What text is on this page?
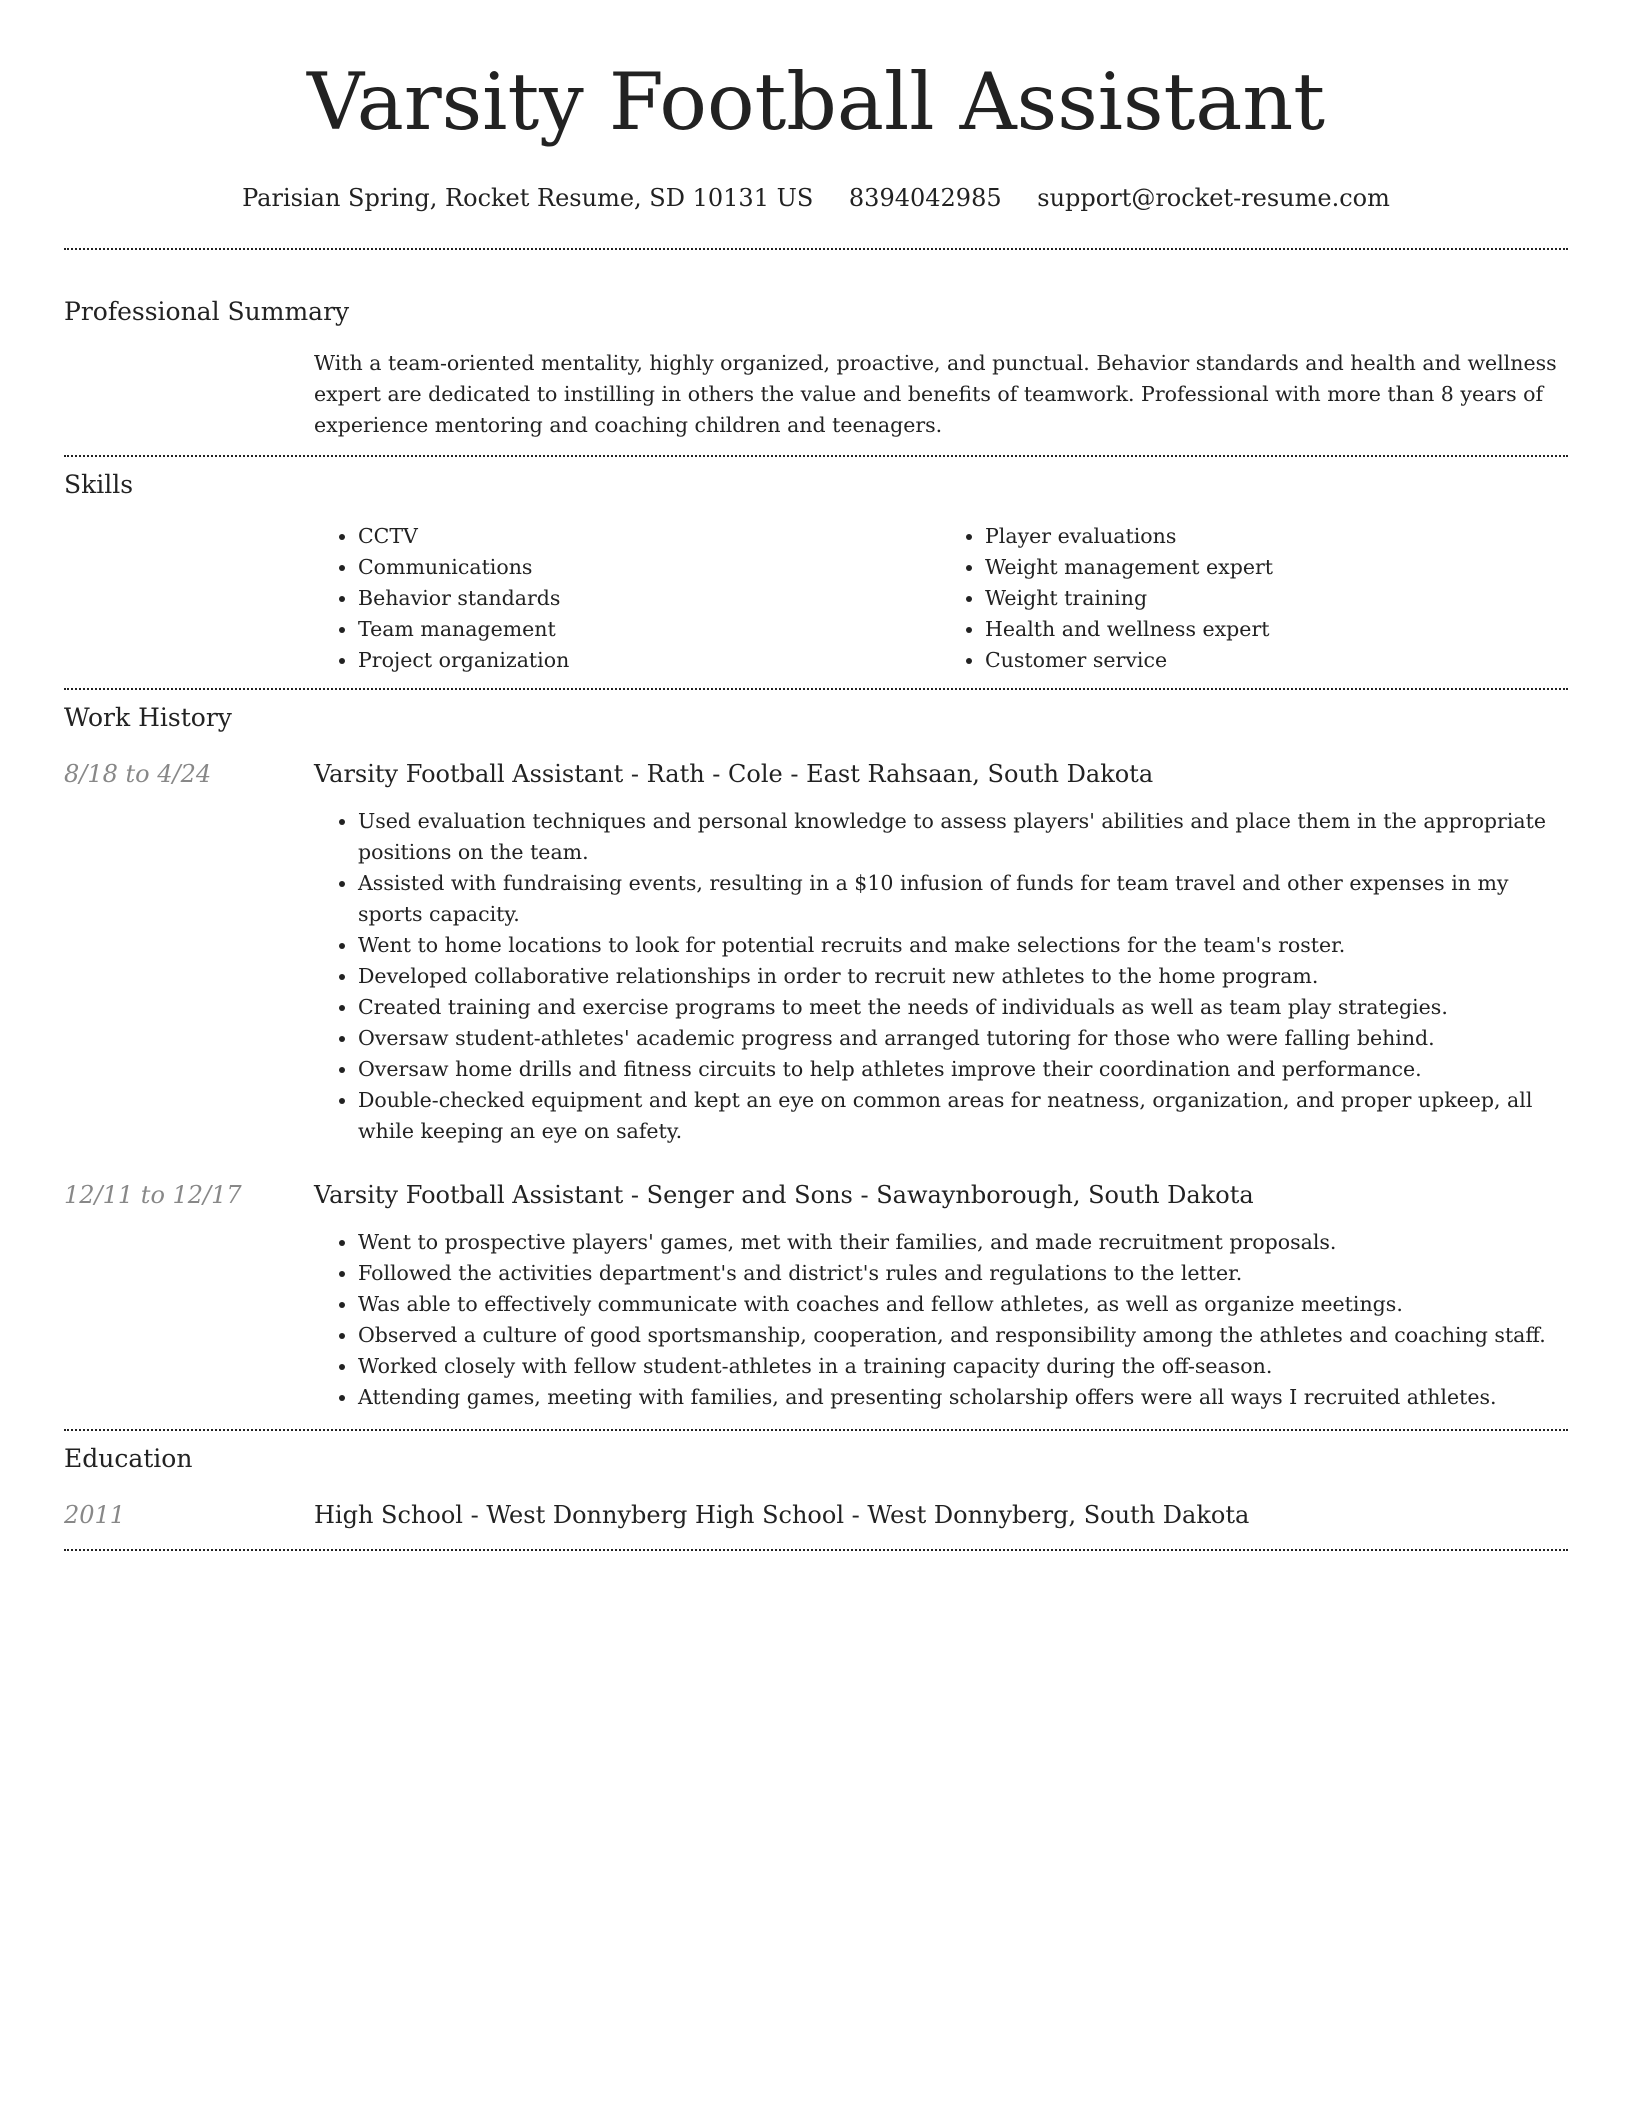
Varsity Football Assistant
Parisian Spring, Rocket Resume, SD 10131 US 8394042985 support@rocket-resume.com
Professional Summary

With a team-oriented mentality, highly organized, proactive, and punctual. Behavior standards and health and wellness expert are dedicated to instilling in others the value and benefits of teamwork. Professional with more than 8 years of experience mentoring and coaching children and teenagers.

Skills
• CCTV
• Communications
• Behavior standards
• Team management
• Project organization
• Player evaluations
• Weight management expert
• Weight training
• Health and wellness expert
• Customer service
Work History
8/18 to 4/24	Varsity Football Assistant - Rath - Cole - East Rahsaan, South Dakota
• Used evaluation techniques and personal knowledge to assess players' abilities and place them in the appropriate positions on the team.
• Assisted with fundraising events, resulting in a $10 infusion of funds for team travel and other expenses in my sports capacity.
• Went to home locations to look for potential recruits and make selections for the team's roster.
• Developed collaborative relationships in order to recruit new athletes to the home program.
• Created training and exercise programs to meet the needs of individuals as well as team play strategies.
• Oversaw student-athletes' academic progress and arranged tutoring for those who were falling behind.
• Oversaw home drills and fitness circuits to help athletes improve their coordination and performance.
• Double-checked equipment and kept an eye on common areas for neatness, organization, and proper upkeep, all while keeping an eye on safety.
12/11 to 12/17	Varsity Football Assistant - Senger and Sons - Sawaynborough, South Dakota
• Went to prospective players' games, met with their families, and made recruitment proposals.
• Followed the activities department's and district's rules and regulations to the letter.
• Was able to effectively communicate with coaches and fellow athletes, as well as organize meetings.
• Observed a culture of good sportsmanship, cooperation, and responsibility among the athletes and coaching staff.
• Worked closely with fellow student-athletes in a training capacity during the off-season.
• Attending games, meeting with families, and presenting scholarship offers were all ways I recruited athletes.
Education
2011	High School - West Donnyberg High School - West Donnyberg, South Dakota
